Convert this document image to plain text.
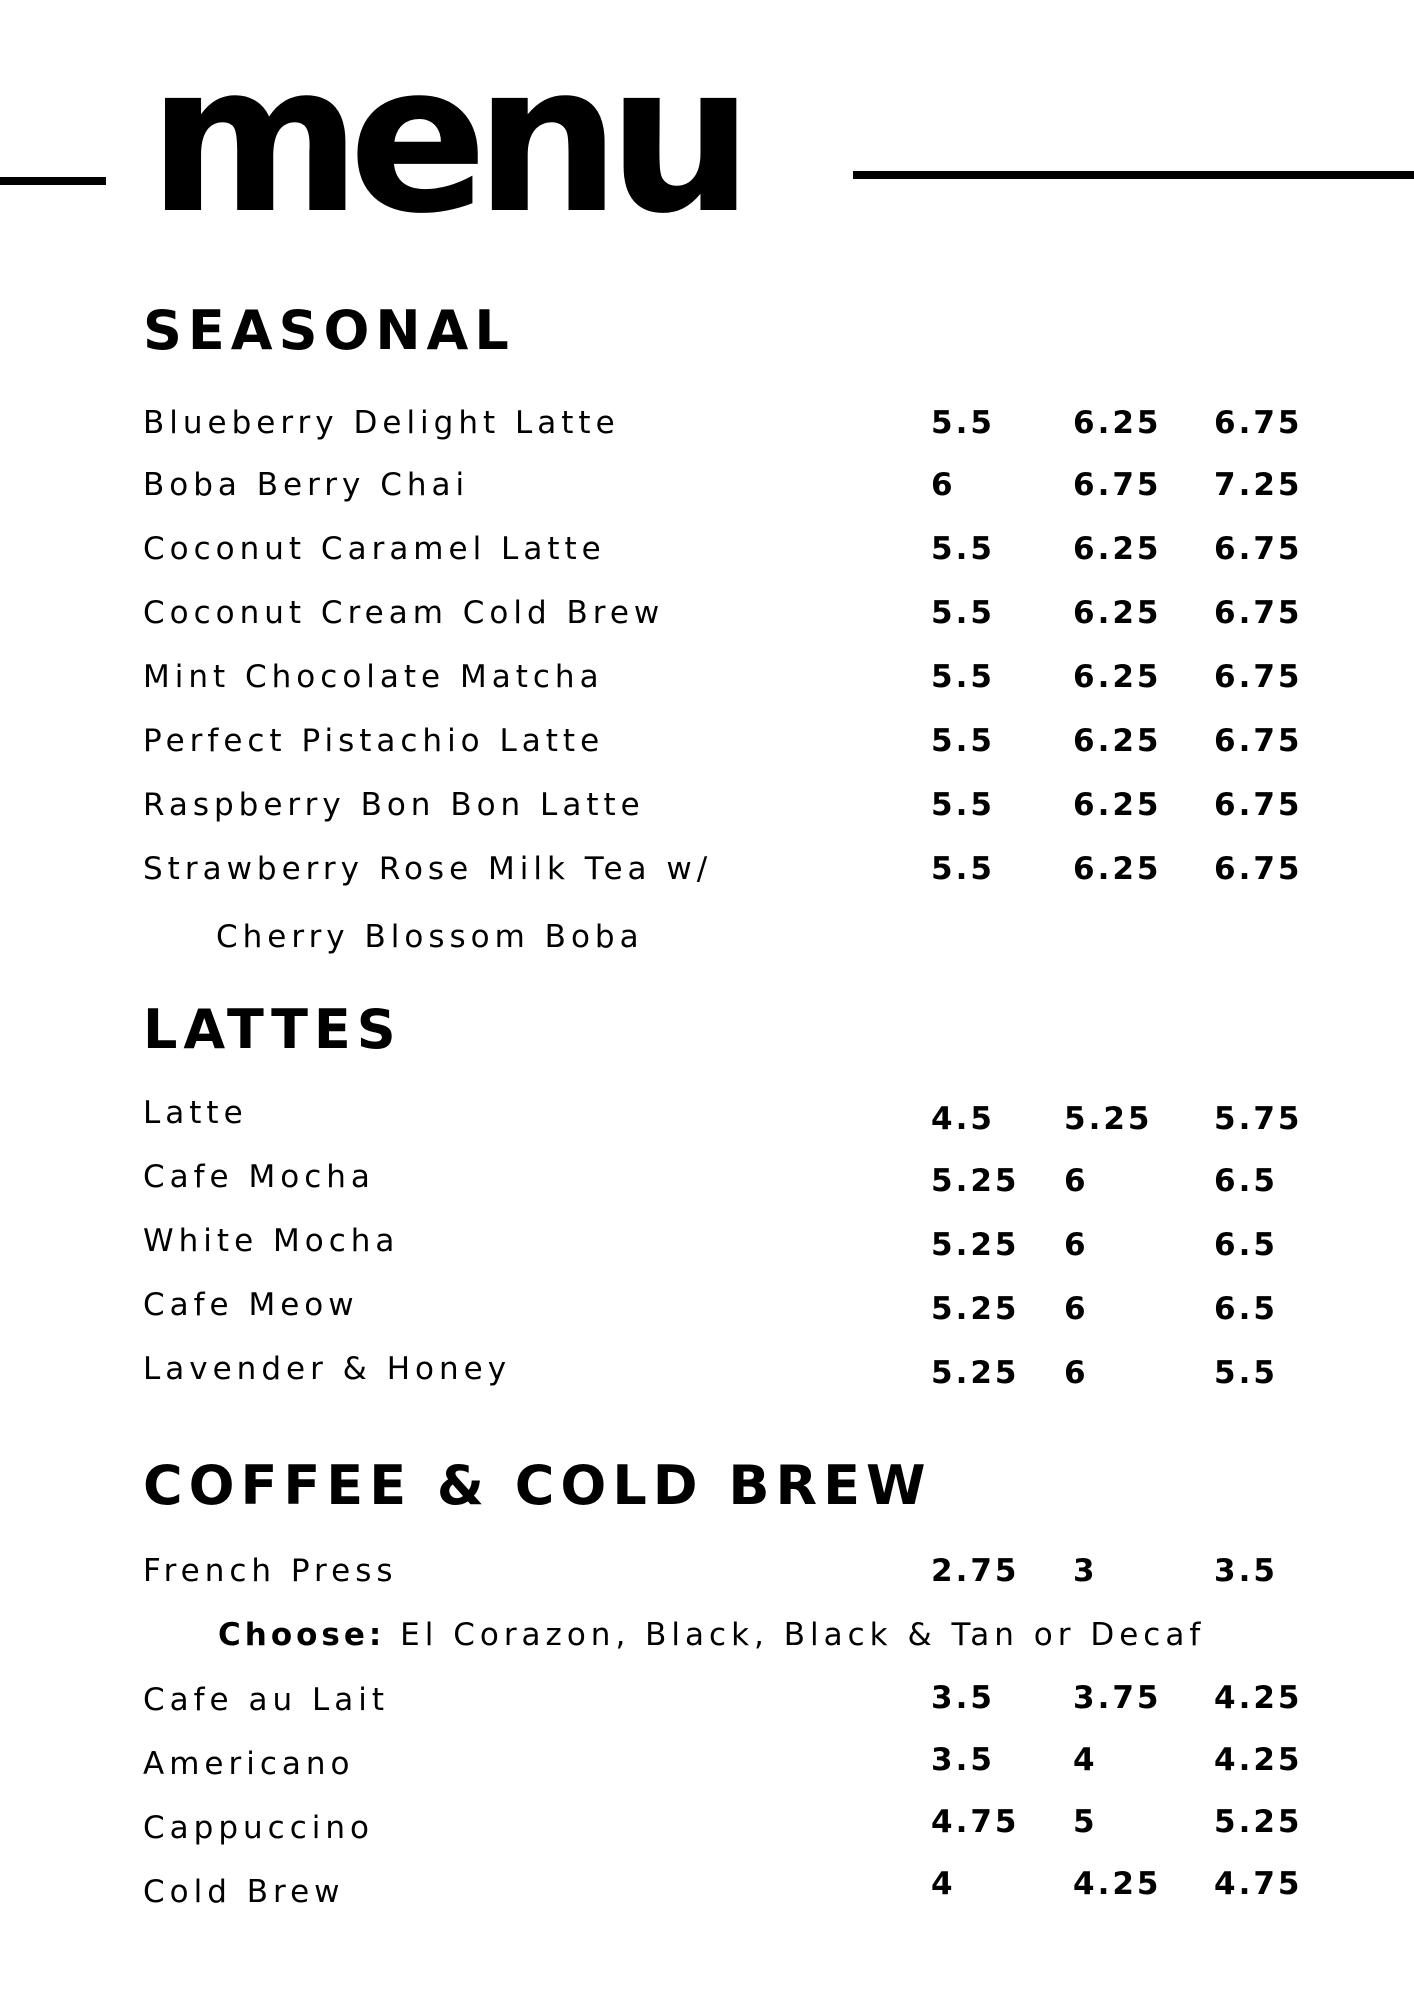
menu
SEASONAL
Blueberry Delight Latte	5.5	6.25 6.75
Boba Berry Chai	6	6.75 7.25
Coconut Caramel Latte	5.5	6.25 6.75
Coconut Cream Cold Brew	5.5	6.25 6.75
Mint Chocolate Matcha	5.5	6.25 6.75
Perfect Pistachio Latte	5.5	6.25 6.75
Raspberry Bon Bon Latte	5.5	6.25 6.75
Strawberry Rose Milk Tea w/	5.5	6.25 6.75
Cherry Blossom Boba
LATTES
Latte	4.5 5.25 5.75
Cafe Mocha	5.25 6	6.5
White Mocha	5.25 6	6.5
Cafe Meow	5.25 6	6.5
Lavender & Honey	5.25 6	5.5
COFFEE & COLD BREW
French Press	2.75 3	3.5
Choose: El Corazon, Black, Black & Tan or Decaf
Cafe au Lait	3.5	3.75 4.25
Americano	3.5	4	4.25
Cappuccino	4.75 5	5.25
Cold Brew	4	4.25 4.75
